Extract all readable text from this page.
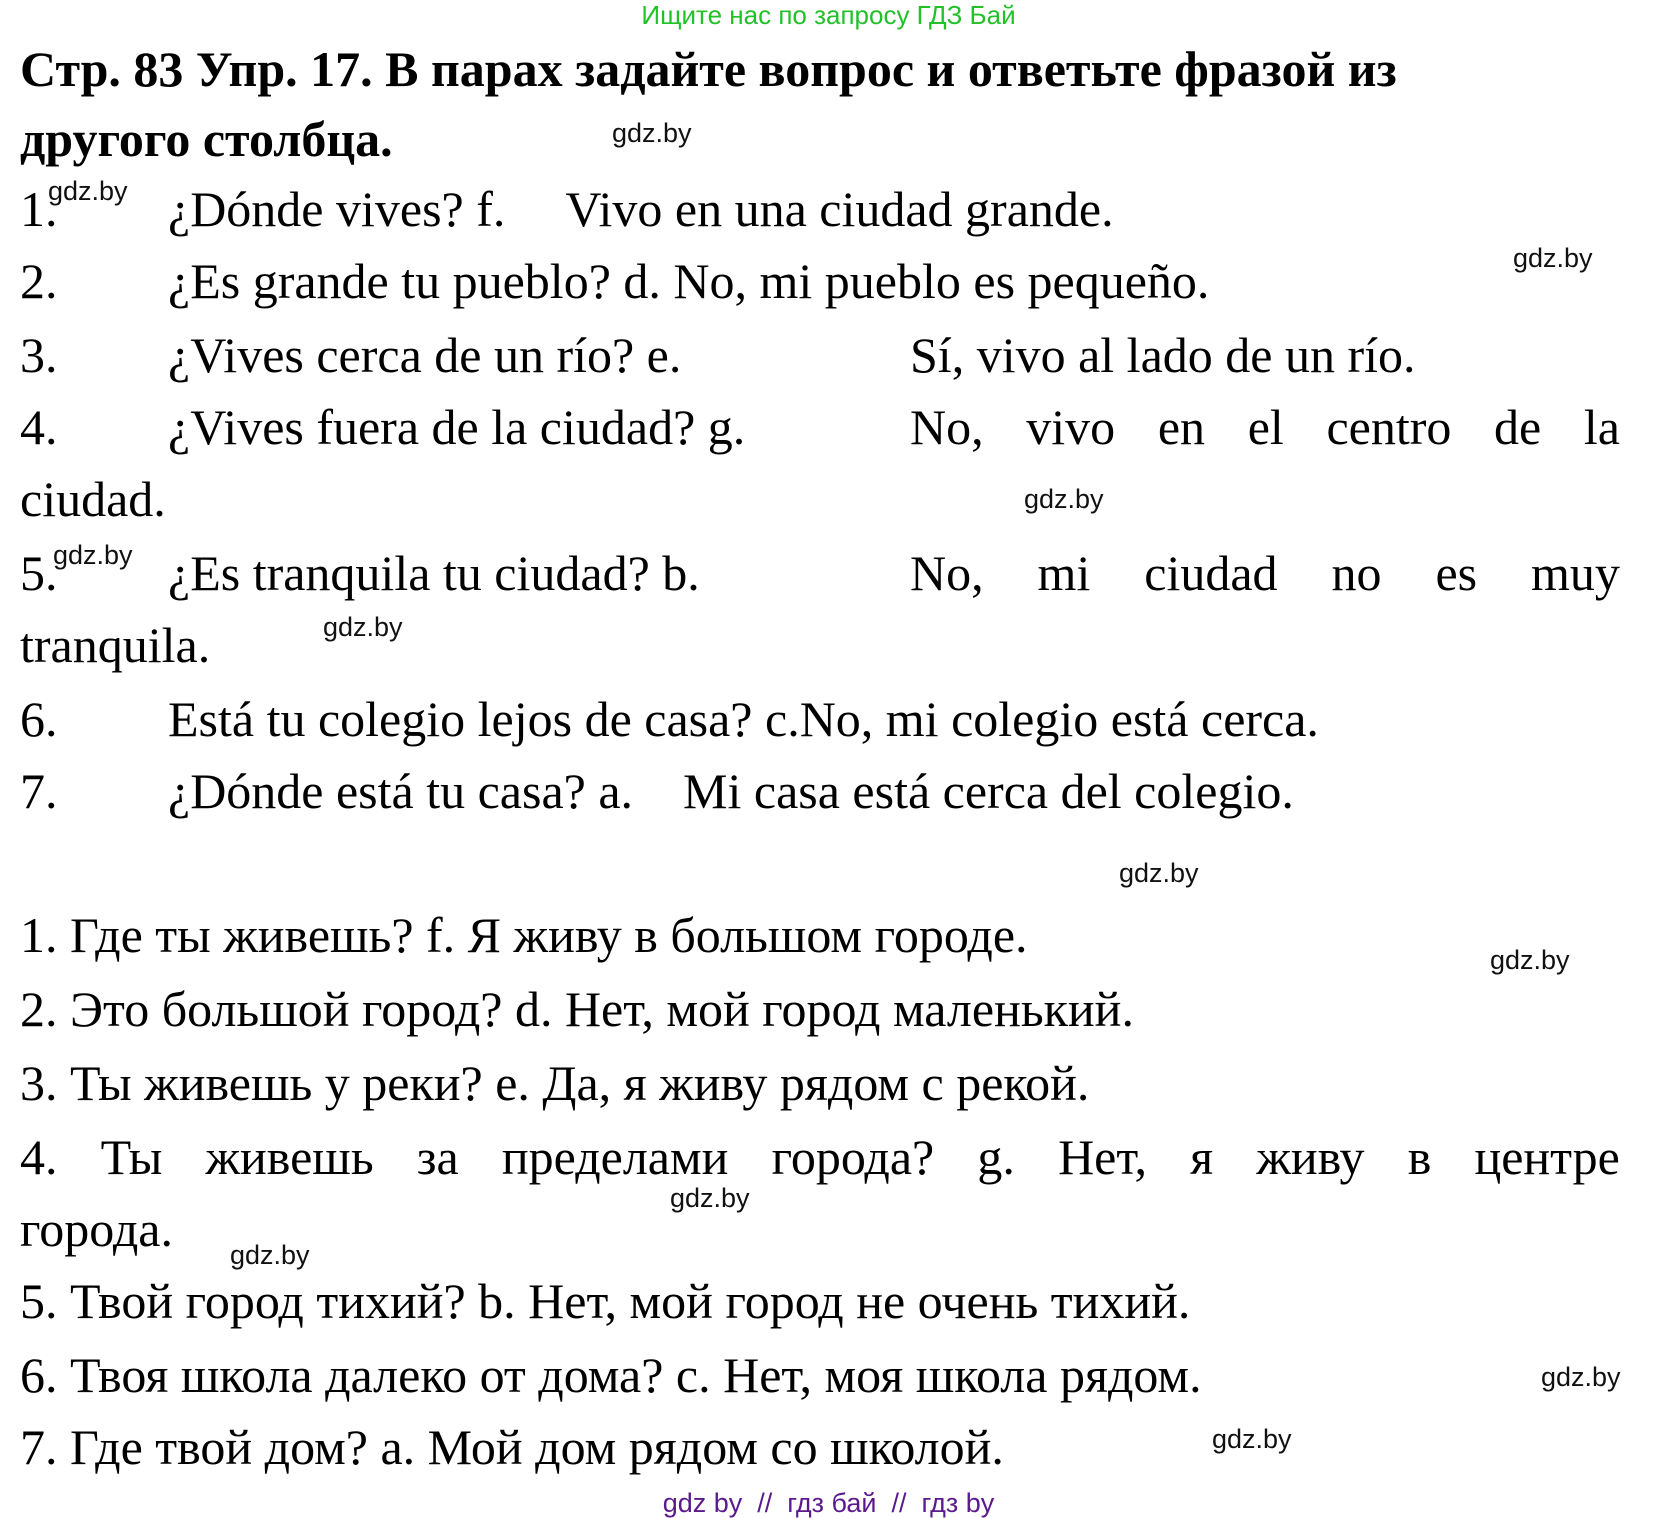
Ищите нас по запросу ГДЗ Бай
Стр. 83 Упр. 17. В парах задайте вопрос и ответьте фразой из
другого столбца.	gdz.by
1. ¿Dónde vives? f. Vivo en una ciudad grande.
gdz.by
2. ¿Es grande tu pueblo? d. No, mi pueblo es pequeño.	gdz.by
3. ¿Vives cerca de un río? e.	Sí, vivo al lado de un río.
4. ¿Vives fuera de la ciudad? g.	No, vivo en el centro de la
ciudad.	gdz.by
5. ¿Es tranquila tu ciudad? b.
gdz.by	No, mi ciudad no es muy
tranquila.	gdz.by
6. Está tu colegio lejos de casa? c.No, mi colegio está cerca.
7. ¿Dónde está tu casa? a. Mi casa está cerca del colegio.
gdz.by
1. Где ты живешь? f. Я живу в большом городе.	gdz.by
2. Это большой город? d. Нет, мой город маленький.
3. Ты живешь у реки? e. Да, я живу рядом с рекой.
4. Ты живешь за пределами города? g. Нет, я живу в центре
gdz.by
города. gdz.by
5. Твой город тихий? b. Нет, мой город не очень тихий.
6. Твоя школа далеко от дома? c. Нет, моя школа рядом.	gdz.by
7. Где твой дом? a. Мой дом рядом со школой.	gdz.by
gdz by  //  гдз бай  //  гдз by
